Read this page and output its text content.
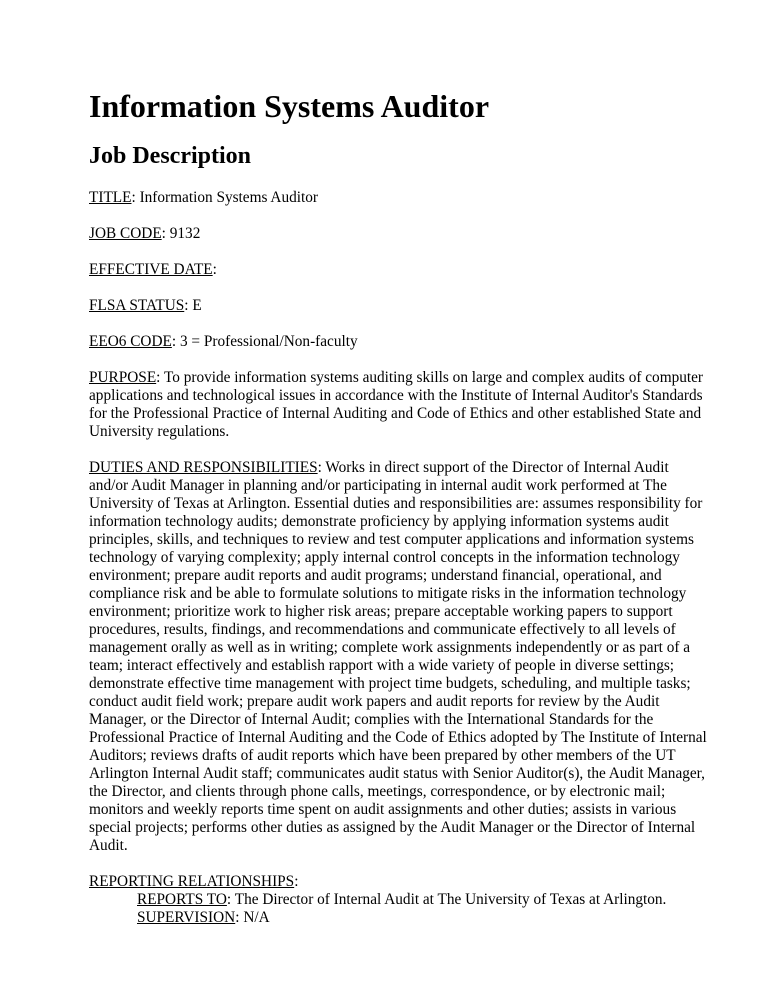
Information Systems Auditor
Job Description

TITLE: Information Systems Auditor

JOB CODE: 9132

EFFECTIVE DATE:

FLSA STATUS: E

EEO6 CODE: 3 = Professional/Non-faculty

PURPOSE: To provide information systems auditing skills on large and complex audits of computer applications and technological issues in accordance with the Institute of Internal Auditor's Standards for the Professional Practice of Internal Auditing and Code of Ethics and other established State and University regulations.

DUTIES AND RESPONSIBILITIES: Works in direct support of the Director of Internal Audit and/or Audit Manager in planning and/or participating in internal audit work performed at The University of Texas at Arlington. Essential duties and responsibilities are: assumes responsibility for information technology audits; demonstrate proficiency by applying information systems audit principles, skills, and techniques to review and test computer applications and information systems technology of varying complexity; apply internal control concepts in the information technology environment; prepare audit reports and audit programs; understand financial, operational, and compliance risk and be able to formulate solutions to mitigate risks in the information technology environment; prioritize work to higher risk areas; prepare acceptable working papers to support procedures, results, findings, and recommendations and communicate effectively to all levels of management orally as well as in writing; complete work assignments independently or as part of a team; interact effectively and establish rapport with a wide variety of people in diverse settings; demonstrate effective time management with project time budgets, scheduling, and multiple tasks; conduct audit field work; prepare audit work papers and audit reports for review by the Audit Manager, or the Director of Internal Audit; complies with the International Standards for the Professional Practice of Internal Auditing and the Code of Ethics adopted by The Institute of Internal Auditors; reviews drafts of audit reports which have been prepared by other members of the UT Arlington Internal Audit staff; communicates audit status with Senior Auditor(s), the Audit Manager, the Director, and clients through phone calls, meetings, correspondence, or by electronic mail; monitors and weekly reports time spent on audit assignments and other duties; assists in various special projects; performs other duties as assigned by the Audit Manager or the Director of Internal Audit.

REPORTING RELATIONSHIPS:
REPORTS TO: The Director of Internal Audit at The University of Texas at Arlington.
SUPERVISION: N/A
